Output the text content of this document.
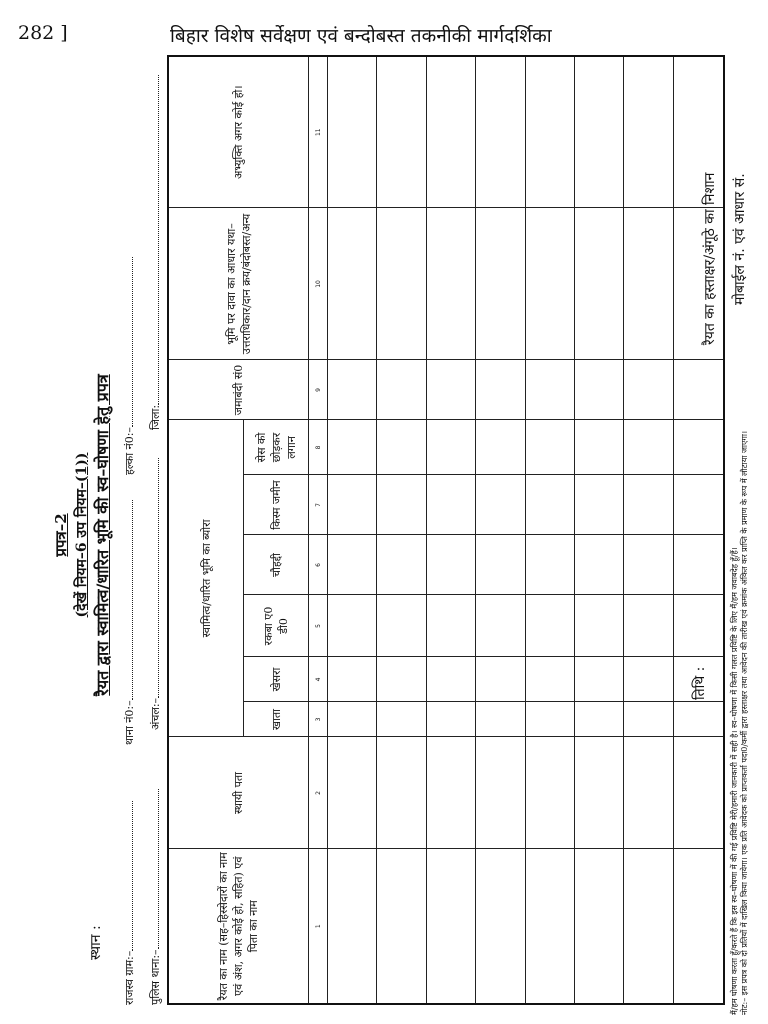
282 ]	बिहार विशेष सर्वेक्षण एवं बन्दोबस्त तकनीकी मार्गदर्शिका
प्रपत्र–2 (देखें नियम–6 उप नियम–(1)) रैयत द्वारा स्वामित्व/धारित भूमि की स्व–घोषणा हेतु प्रपत्र
राजस्व ग्राम:–
थाना नं0:–
हल्का नं0:–
पुलिस थाना:–
अंचल:–
जिला:
रैयत का नाम (सह–हिस्सेदारों का नाम एवं अंश, अगर कोई हो, सहित) एवं पिता का नाम	स्थायी पता	स्वामित्व/धारित भूमि का ब्योरा						जमाबंदी सं0	भूमि पर दावा का आधार यथा–उत्तराधिकार/दान क्रय/बंदोबस्त/अन्य	अभ्युक्ति अगर कोई हो।
		खाता	खेसरा	रकबा ए0 डी0	चौहद्दी	किस्म जमीन	सेस को छोड़कर लगान			
1	2	3	4	5	6	7	8	9	10	11

मैं/हम घोषणा करता हूँ/करते हैं कि इस स्व–घोषणा में की गई प्रविष्टि मेरी/हमारी जानकारी में सही है। स्व–घोषणा में किसी गलत प्रविष्टि के लिए मैं/हम जवाबदेह हूँ/हैं। नोट:– इस प्रपत्र को दो प्रतियों में दाखिल किया जायेगा। एक प्रति आवेदक को प्राप्तकर्ता पदा0/कर्मी द्वारा हस्ताक्षर तथा आवेदन की तारीख एवं क्रमांक अंकित कर प्राप्ति के प्रमाण के रूप में लौटाया जाएगा।
स्थान :
तिथि :
रैयत का हस्ताक्षर/अंगूठे का निशान मोबाईल नं. एवं आधार सं.
